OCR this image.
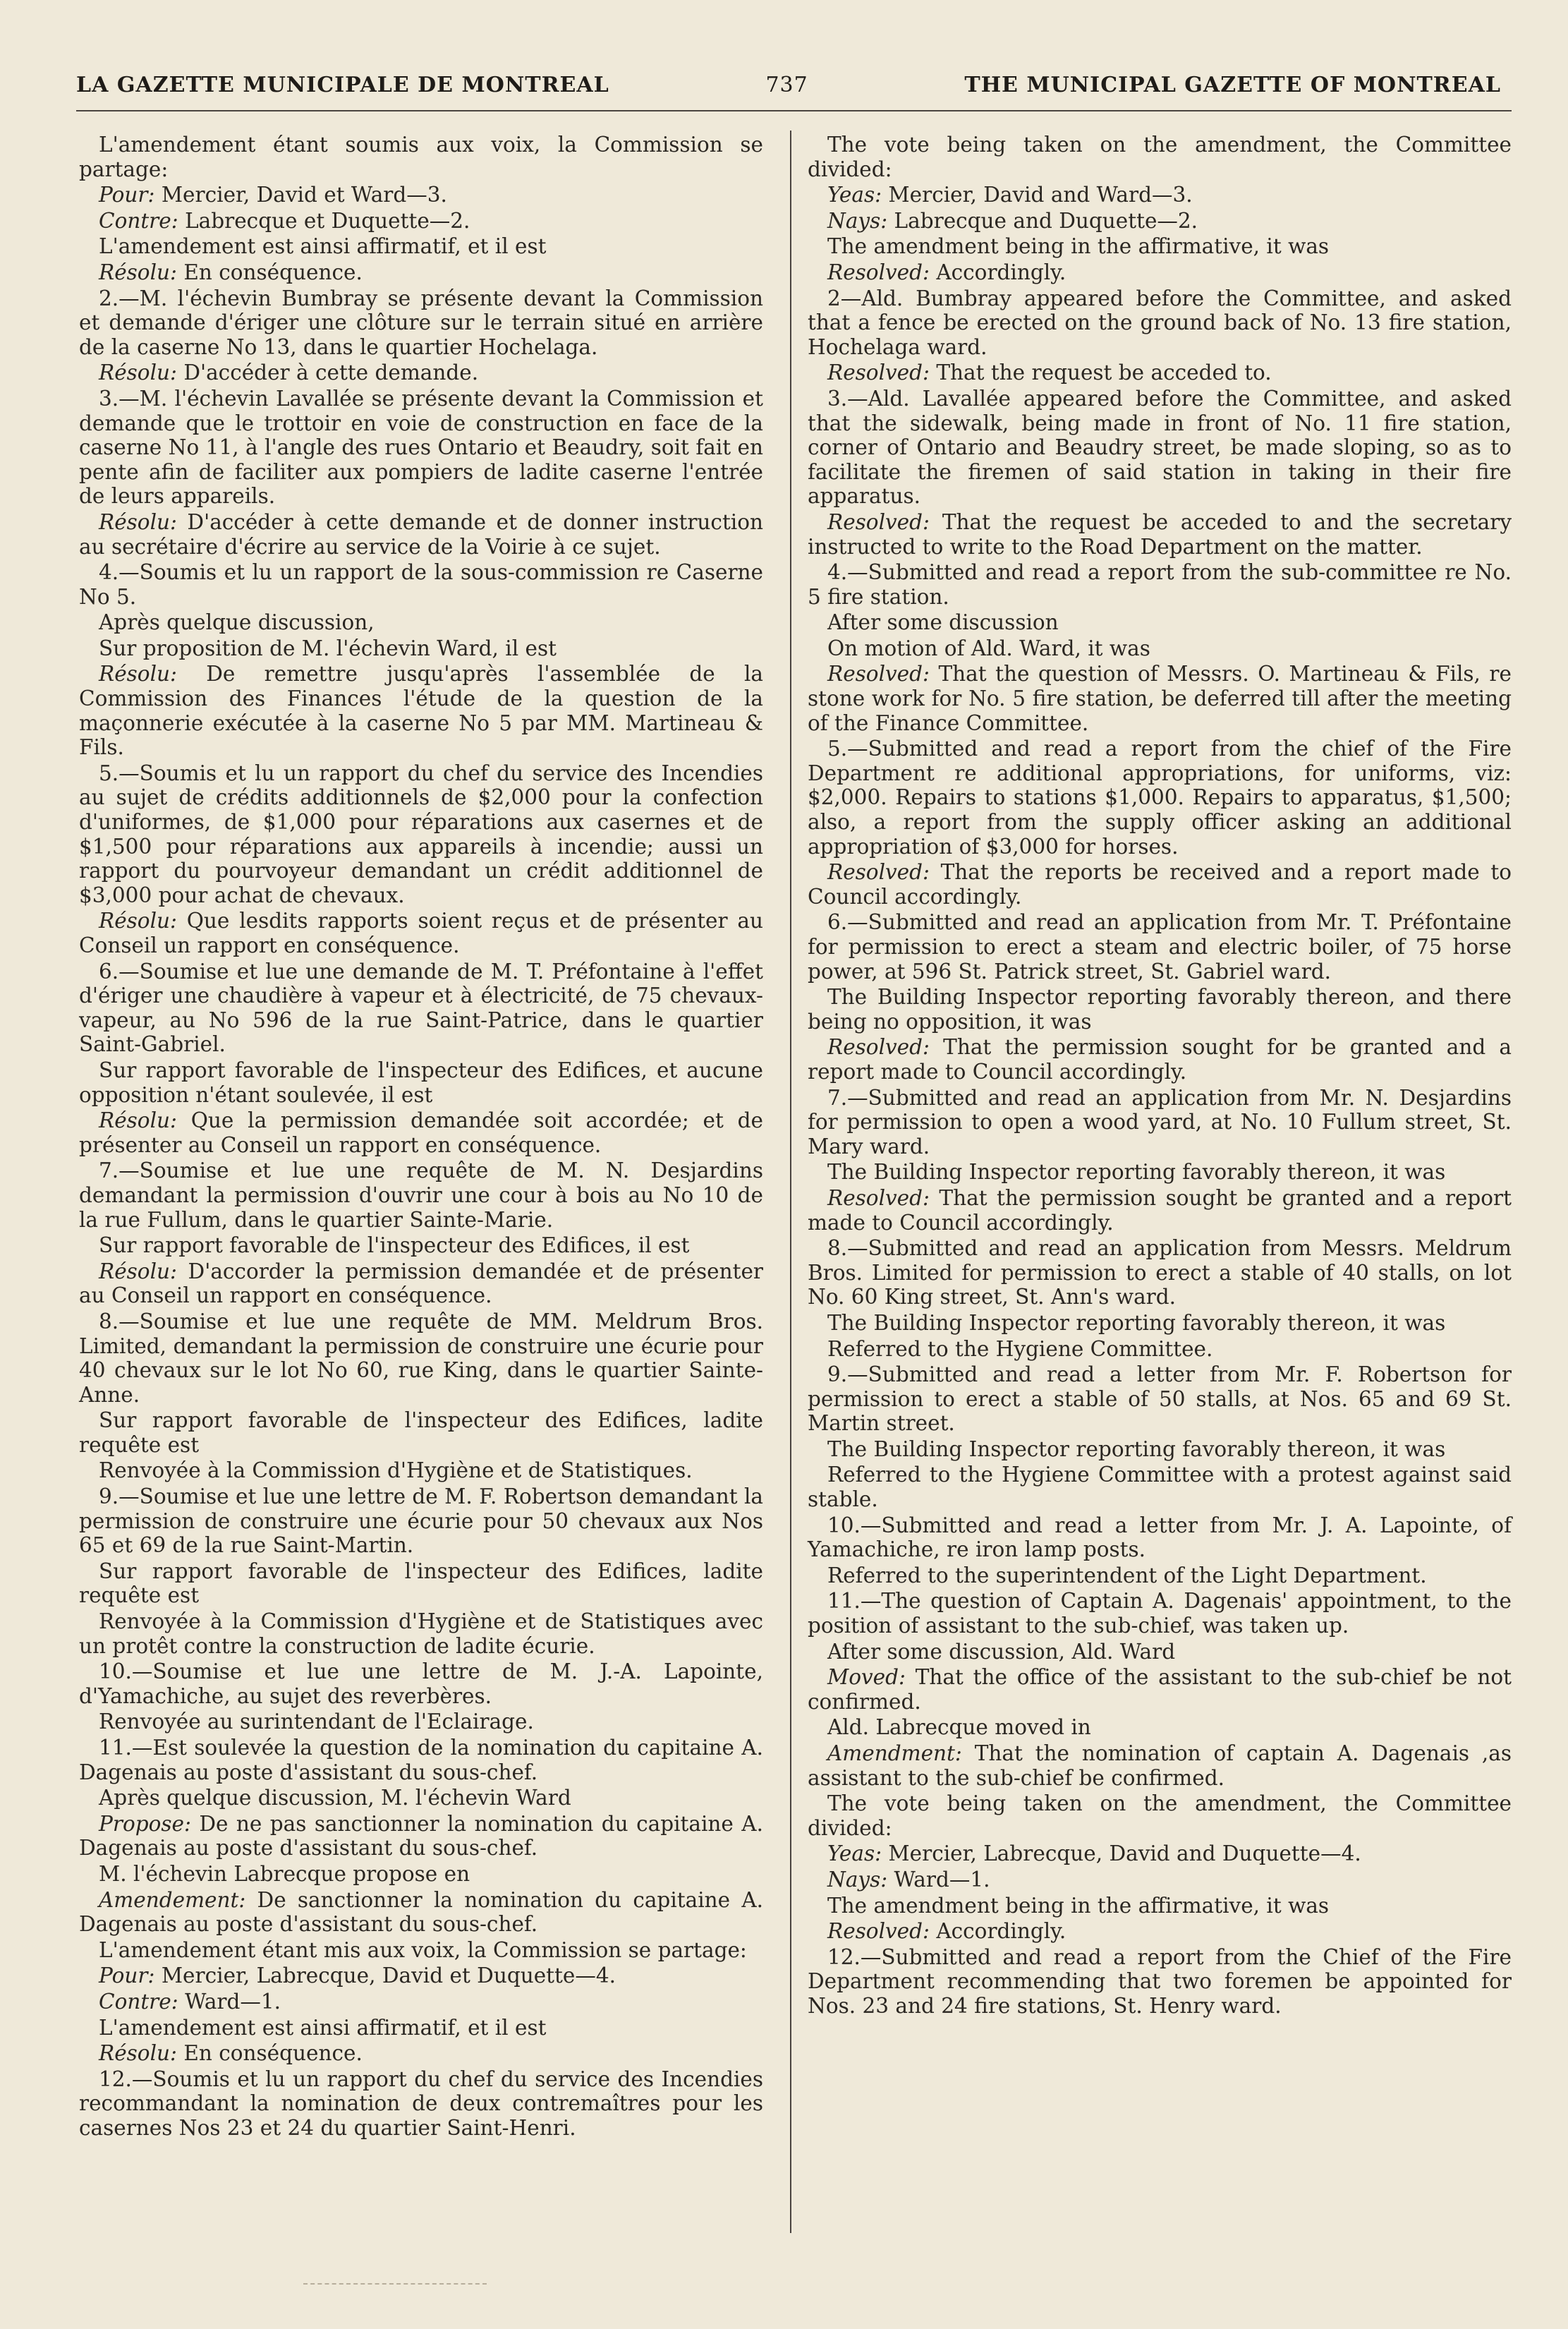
LA GAZETTE MUNICIPALE DE MONTREAL	737	THE MUNICIPAL GAZETTE OF MONTREAL

L'amendement étant soumis aux voix, la Commission se partage:

Pour: Mercier, David et Ward—3.

Contre: Labrecque et Duquette—2.

L'amendement est ainsi affirmatif, et il est

Résolu: En conséquence.

2.—M. l'échevin Bumbray se présente devant la Commission et demande d'ériger une clôture sur le terrain situé en arrière de la caserne No 13, dans le quartier Hochelaga.

Résolu: D'accéder à cette demande.

3.—M. l'échevin Lavallée se présente devant la Commission et demande que le trottoir en voie de construction en face de la caserne No 11, à l'angle des rues Ontario et Beaudry, soit fait en pente afin de faciliter aux pompiers de ladite caserne l'entrée de leurs appareils.

Résolu: D'accéder à cette demande et de donner instruction au secrétaire d'écrire au service de la Voirie à ce sujet.

4.—Soumis et lu un rapport de la sous-commission re Caserne No 5.

Après quelque discussion,

Sur proposition de M. l'échevin Ward, il est

Résolu: De remettre jusqu'après l'assemblée de la Commission des Finances l'étude de la question de la maçonnerie exécutée à la caserne No 5 par MM. Martineau & Fils.

5.—Soumis et lu un rapport du chef du service des Incendies au sujet de crédits additionnels de $2,000 pour la confection d'uniformes, de $1,000 pour réparations aux casernes et de $1,500 pour réparations aux appareils à incendie; aussi un rapport du pourvoyeur demandant un crédit additionnel de $3,000 pour achat de chevaux.

Résolu: Que lesdits rapports soient reçus et de présenter au Conseil un rapport en conséquence.

6.—Soumise et lue une demande de M. T. Préfontaine à l'effet d'ériger une chaudière à vapeur et à électricité, de 75 chevaux-vapeur, au No 596 de la rue Saint-Patrice, dans le quartier Saint-Gabriel.

Sur rapport favorable de l'inspecteur des Edifices, et aucune opposition n'étant soulevée, il est

Résolu: Que la permission demandée soit accordée; et de présenter au Conseil un rapport en conséquence.

7.—Soumise et lue une requête de M. N. Desjardins demandant la permission d'ouvrir une cour à bois au No 10 de la rue Fullum, dans le quartier Sainte-Marie.

Sur rapport favorable de l'inspecteur des Edifices, il est

Résolu: D'accorder la permission demandée et de présenter au Conseil un rapport en conséquence.

8.—Soumise et lue une requête de MM. Meldrum Bros. Limited, demandant la permission de construire une écurie pour 40 chevaux sur le lot No 60, rue King, dans le quartier Sainte-Anne.

Sur rapport favorable de l'inspecteur des Edifices, ladite requête est

Renvoyée à la Commission d'Hygiène et de Statistiques.

9.—Soumise et lue une lettre de M. F. Robertson demandant la permission de construire une écurie pour 50 chevaux aux Nos 65 et 69 de la rue Saint-Martin.

Sur rapport favorable de l'inspecteur des Edifices, ladite requête est

Renvoyée à la Commission d'Hygiène et de Statistiques avec un protêt contre la construction de ladite écurie.

10.—Soumise et lue une lettre de M. J.-A. Lapointe, d'Yamachiche, au sujet des reverbères.

Renvoyée au surintendant de l'Eclairage.

11.—Est soulevée la question de la nomination du capitaine A. Dagenais au poste d'assistant du sous-chef.

Après quelque discussion, M. l'échevin Ward

Propose: De ne pas sanctionner la nomination du capitaine A. Dagenais au poste d'assistant du sous-chef.

M. l'échevin Labrecque propose en

Amendement: De sanctionner la nomination du capitaine A. Dagenais au poste d'assistant du sous-chef.

L'amendement étant mis aux voix, la Commission se partage:

Pour: Mercier, Labrecque, David et Duquette—4.

Contre: Ward—1.

L'amendement est ainsi affirmatif, et il est

Résolu: En conséquence.

12.—Soumis et lu un rapport du chef du service des Incendies recommandant la nomination de deux contremaîtres pour les casernes Nos 23 et 24 du quartier Saint-Henri.

The vote being taken on the amendment, the Committee divided:

Yeas: Mercier, David and Ward—3.

Nays: Labrecque and Duquette—2.

The amendment being in the affirmative, it was

Resolved: Accordingly.

2—Ald. Bumbray appeared before the Committee, and asked that a fence be erected on the ground back of No. 13 fire station, Hochelaga ward.

Resolved: That the request be acceded to.

3.—Ald. Lavallée appeared before the Committee, and asked that the sidewalk, being made in front of No. 11 fire station, corner of Ontario and Beaudry street, be made sloping, so as to facilitate the firemen of said station in taking in their fire apparatus.

Resolved: That the request be acceded to and the secretary instructed to write to the Road Department on the matter.

4.—Submitted and read a report from the sub-committee re No. 5 fire station.

After some discussion

On motion of Ald. Ward, it was

Resolved: That the question of Messrs. O. Martineau & Fils, re stone work for No. 5 fire station, be deferred till after the meeting of the Finance Committee.

5.—Submitted and read a report from the chief of the Fire Department re additional appropriations, for uniforms, viz: $2,000. Repairs to stations $1,000. Repairs to apparatus, $1,500; also, a report from the supply officer asking an additional appropriation of $3,000 for horses.

Resolved: That the reports be received and a report made to Council accordingly.

6.—Submitted and read an application from Mr. T. Préfontaine for permission to erect a steam and electric boiler, of 75 horse power, at 596 St. Patrick street, St. Gabriel ward.

The Building Inspector reporting favorably thereon, and there being no opposition, it was

Resolved: That the permission sought for be granted and a report made to Council accordingly.

7.—Submitted and read an application from Mr. N. Desjardins for permission to open a wood yard, at No. 10 Fullum street, St. Mary ward.

The Building Inspector reporting favorably thereon, it was

Resolved: That the permission sought be granted and a report made to Council accordingly.

8.—Submitted and read an application from Messrs. Meldrum Bros. Limited for permission to erect a stable of 40 stalls, on lot No. 60 King street, St. Ann's ward.

The Building Inspector reporting favorably thereon, it was

Referred to the Hygiene Committee.

9.—Submitted and read a letter from Mr. F. Robertson for permission to erect a stable of 50 stalls, at Nos. 65 and 69 St. Martin street.

The Building Inspector reporting favorably thereon, it was

Referred to the Hygiene Committee with a protest against said stable.

10.—Submitted and read a letter from Mr. J. A. Lapointe, of Yamachiche, re iron lamp posts.

Referred to the superintendent of the Light Department.

11.—The question of Captain A. Dagenais' appointment, to the position of assistant to the sub-chief, was taken up.

After some discussion, Ald. Ward

Moved: That the office of the assistant to the sub-chief be not confirmed.

Ald. Labrecque moved in

Amendment: That the nomination of captain A. Dagenais ,as assistant to the sub-chief be confirmed.

The vote being taken on the amendment, the Committee divided:

Yeas: Mercier, Labrecque, David and Duquette—4.

Nays: Ward—1.

The amendment being in the affirmative, it was

Resolved: Accordingly.

12.—Submitted and read a report from the Chief of the Fire Department recommending that two foremen be appointed for Nos. 23 and 24 fire stations, St. Henry ward.
